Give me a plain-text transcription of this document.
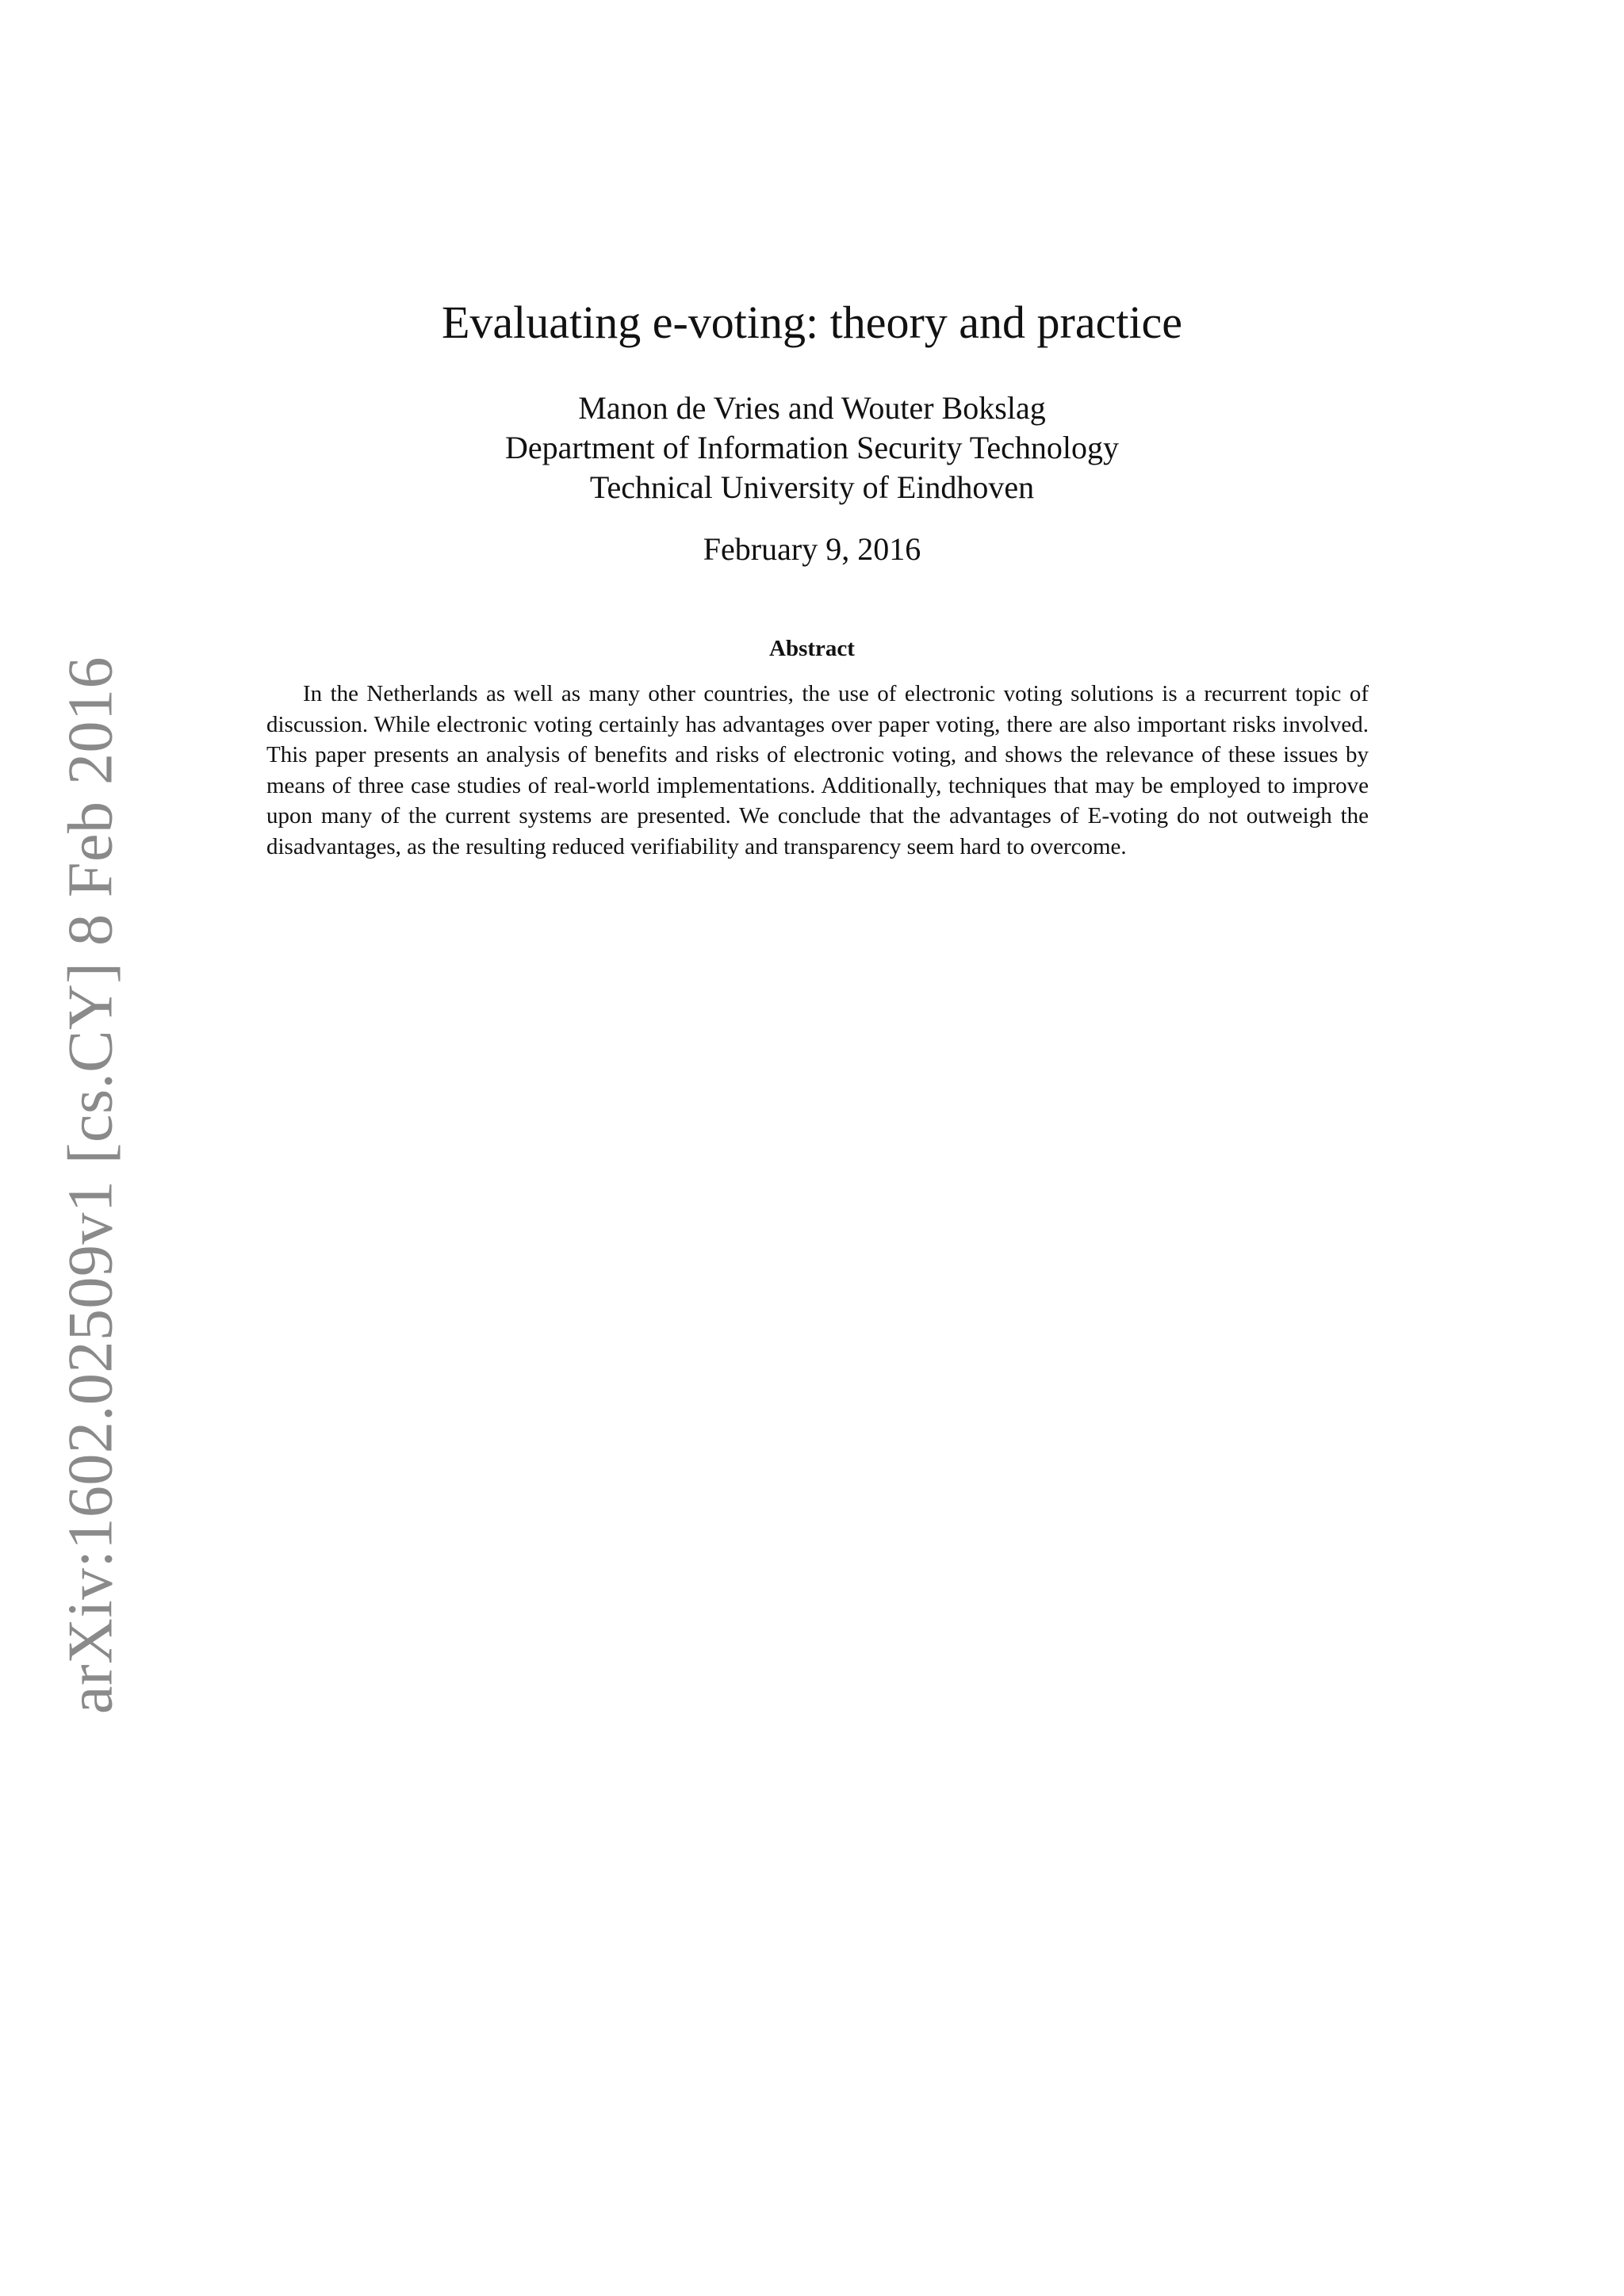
arXiv:1602.02509v1 [cs.CY] 8 Feb 2016
Evaluating e-voting: theory and practice
Manon de Vries and Wouter Bokslag
Department of Information Security Technology
Technical University of Eindhoven
February 9, 2016
Abstract

In the Netherlands as well as many other countries, the use of electronic voting solutions is a recurrent topic of discussion. While electronic voting certainly has advantages over paper voting, there are also important risks involved. This paper presents an analysis of benefits and risks of electronic voting, and shows the relevance of these issues by means of three case studies of real-world implementations. Additionally, techniques that may be employed to improve upon many of the current systems are presented. We conclude that the advantages of E-voting do not outweigh the disadvantages, as the resulting reduced verifiability and transparency seem hard to overcome.
